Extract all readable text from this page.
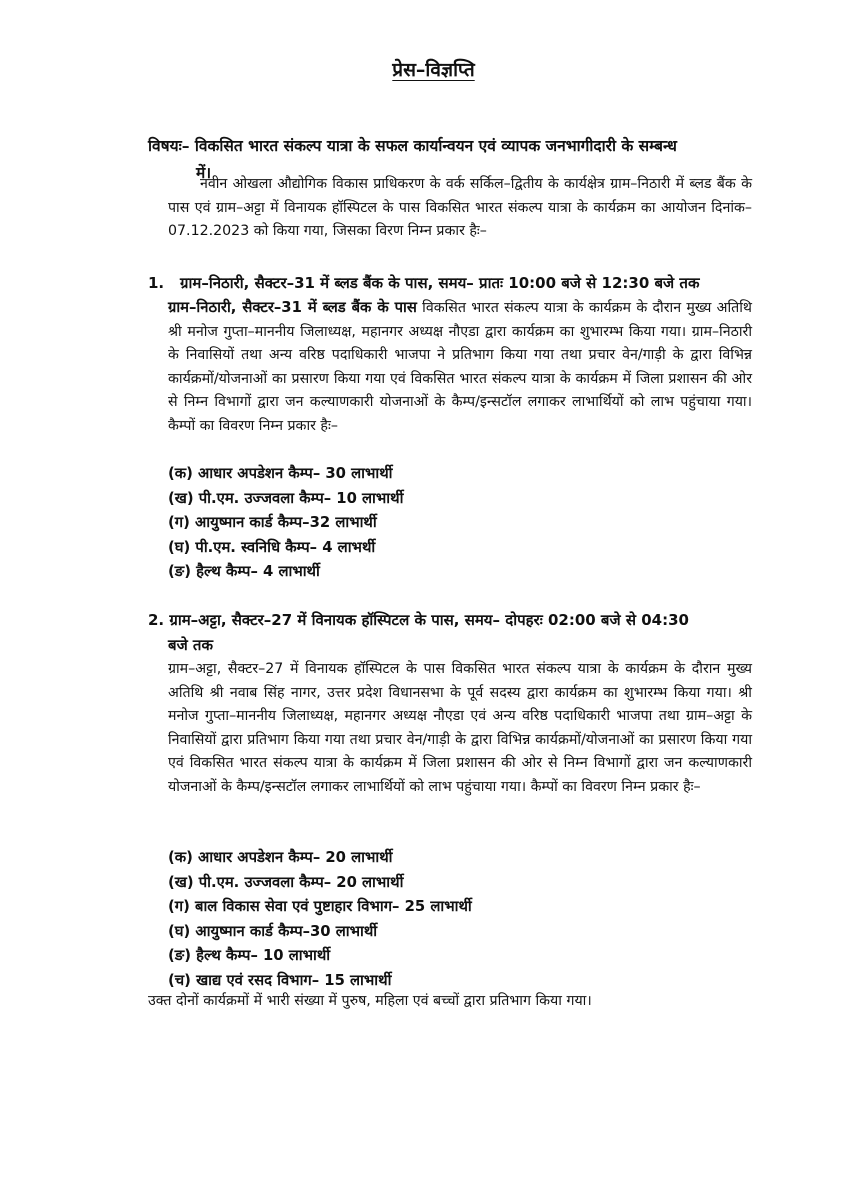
प्रेस–विज्ञप्ति
विषयः– विकसित भारत संकल्प यात्रा के सफल कार्यान्वयन एवं व्यापक जनभागीदारी के सम्बन्ध
में।
नवीन ओखला औद्योगिक विकास प्राधिकरण के वर्क सर्किल–द्वितीय के कार्यक्षेत्र ग्राम–निठारी में ब्लड बैंक के पास एवं ग्राम–अट्टा में विनायक हॉस्पिटल के पास विकसित भारत संकल्प यात्रा के कार्यक्रम का आयोजन दिनांक–07.12.2023 को किया गया, जिसका विरण निम्न प्रकार हैः–
1. ग्राम–निठारी, सैक्टर–31 में ब्लड बैंक के पास, समय– प्रातः 10:00 बजे से 12:30 बजे तक
ग्राम–निठारी, सैक्टर–31 में ब्लड बैंक के पास विकसित भारत संकल्प यात्रा के कार्यक्रम के दौरान मुख्य अतिथि श्री मनोज गुप्ता–माननीय जिलाध्यक्ष, महानगर अध्यक्ष नौएडा द्वारा कार्यक्रम का शुभारम्भ किया गया। ग्राम–निठारी के निवासियों तथा अन्य वरिष्ठ पदाधिकारी भाजपा ने प्रतिभाग किया गया तथा प्रचार वेन/गाड़ी के द्वारा विभिन्न कार्यक्रमों/योजनाओं का प्रसारण किया गया एवं विकसित भारत संकल्प यात्रा के कार्यक्रम में जिला प्रशासन की ओर से निम्न विभागों द्वारा जन कल्याणकारी योजनाओं के कैम्प/इन्सटॉल लगाकर लाभार्थियों को लाभ पहुंचाया गया। कैम्पों का विवरण निम्न प्रकार हैः–
(क) आधार अपडेशन कैम्प– 30 लाभार्थी
(ख) पी.एम. उज्जवला कैम्प– 10 लाभार्थी
(ग) आयुष्मान कार्ड कैम्प–32 लाभार्थी
(घ) पी.एम. स्वनिधि कैम्प– 4 लाभर्थी
(ङ) हैल्थ कैम्प– 4 लाभार्थी
2. ग्राम–अट्टा, सैक्टर–27 में विनायक हॉस्पिटल के पास, समय– दोपहरः 02:00 बजे से 04:30
बजे तक
ग्राम–अट्टा, सैक्टर–27 में विनायक हॉस्पिटल के पास विकसित भारत संकल्प यात्रा के कार्यक्रम के दौरान मुख्य अतिथि श्री नवाब सिंह नागर, उत्तर प्रदेश विधानसभा के पूर्व सदस्य द्वारा कार्यक्रम का शुभारम्भ किया गया। श्री मनोज गुप्ता–माननीय जिलाध्यक्ष, महानगर अध्यक्ष नौएडा एवं अन्य वरिष्ठ पदाधिकारी भाजपा तथा ग्राम–अट्टा के निवासियों द्वारा प्रतिभाग किया गया तथा प्रचार वेन/गाड़ी के द्वारा विभिन्न कार्यक्रमों/योजनाओं का प्रसारण किया गया एवं विकसित भारत संकल्प यात्रा के कार्यक्रम में जिला प्रशासन की ओर से निम्न विभागों द्वारा जन कल्याणकारी योजनाओं के कैम्प/इन्सटॉल लगाकर लाभार्थियों को लाभ पहुंचाया गया। कैम्पों का विवरण निम्न प्रकार हैः–
(क) आधार अपडेशन कैम्प– 20 लाभार्थी
(ख) पी.एम. उज्जवला कैम्प– 20 लाभार्थी
(ग) बाल विकास सेवा एवं पुष्टाहार विभाग– 25 लाभार्थी
(घ) आयुष्मान कार्ड कैम्प–30 लाभार्थी
(ङ) हैल्थ कैम्प– 10 लाभार्थी
(च) खाद्य एवं रसद विभाग– 15 लाभार्थी
उक्त दोनों कार्यक्रमों में भारी संख्या में पुरुष, महिला एवं बच्चों द्वारा प्रतिभाग किया गया।
